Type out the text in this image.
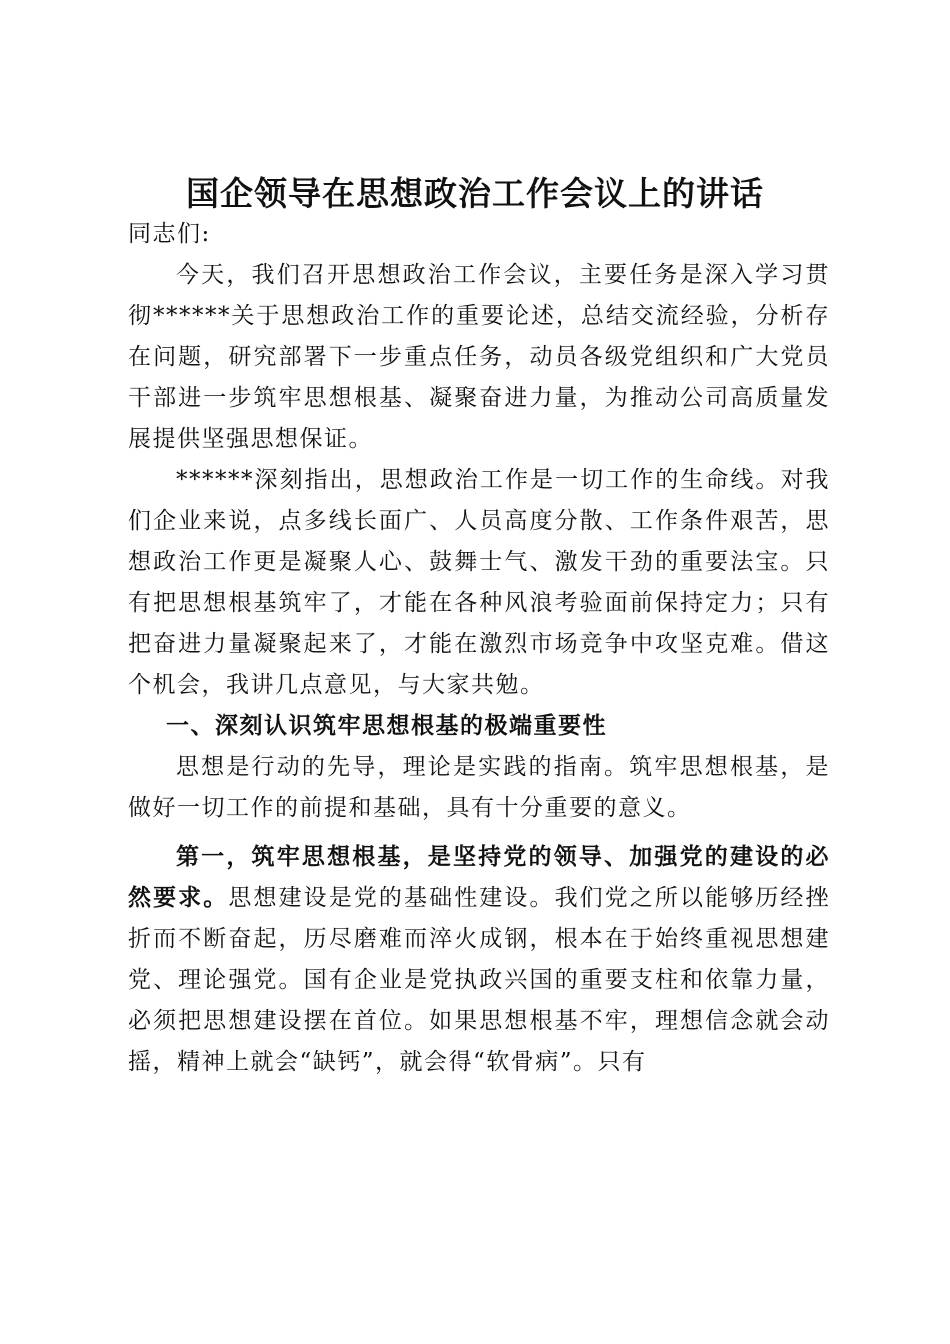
国企领导在思想政治工作会议上的讲话

同志们:

今天，我们召开思想政治工作会议，主要任务是深入学习贯彻******关于思想政治工作的重要论述，总结交流经验，分析存在问题，研究部署下一步重点任务，动员各级党组织和广大党员干部进一步筑牢思想根基、凝聚奋进力量，为推动公司高质量发展提供坚强思想保证。

******深刻指出，思想政治工作是一切工作的生命线。对我们企业来说，点多线长面广、人员高度分散、工作条件艰苦，思想政治工作更是凝聚人心、鼓舞士气、激发干劲的重要法宝。只有把思想根基筑牢了，才能在各种风浪考验面前保持定力；只有把奋进力量凝聚起来了，才能在激烈市场竞争中攻坚克难。借这个机会，我讲几点意见，与大家共勉。

一、深刻认识筑牢思想根基的极端重要性

思想是行动的先导，理论是实践的指南。筑牢思想根基，是做好一切工作的前提和基础，具有十分重要的意义。

第一，筑牢思想根基，是坚持党的领导、加强党的建设的必然要求。思想建设是党的基础性建设。我们党之所以能够历经挫折而不断奋起，历尽磨难而淬火成钢，根本在于始终重视思想建党、理论强党。国有企业是党执政兴国的重要支柱和依靠力量，必须把思想建设摆在首位。如果思想根基不牢，理想信念就会动摇，精神上就会“缺钙”，就会得“软骨病”。只有
